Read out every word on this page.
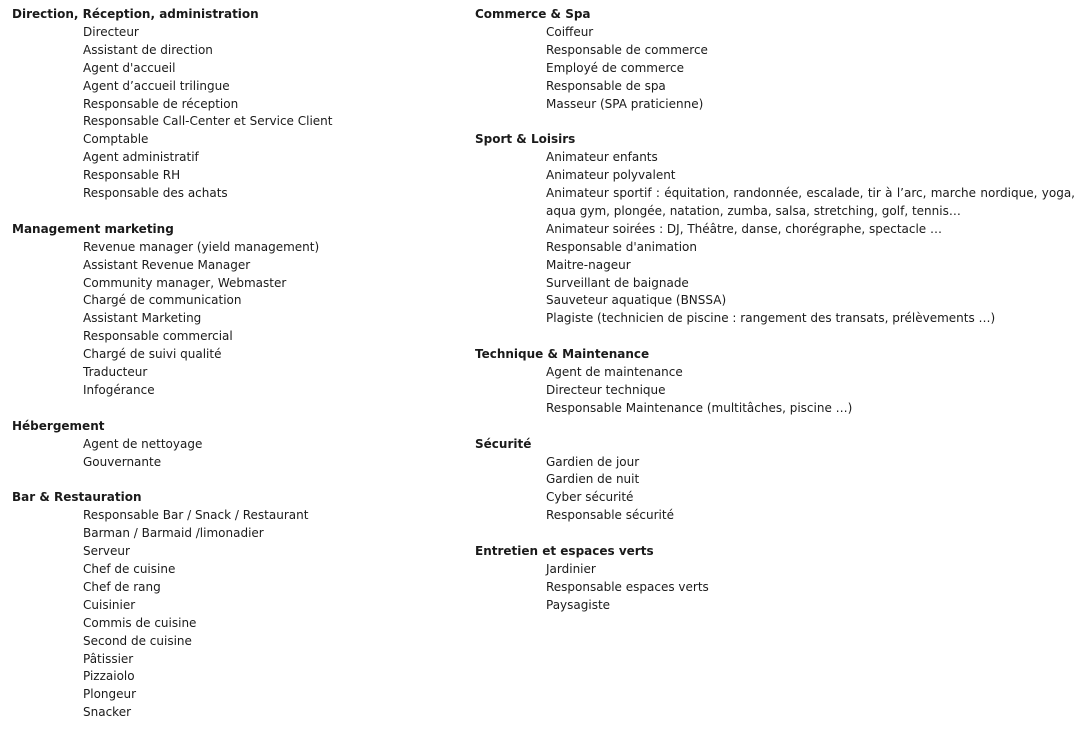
Direction, Réception, administration
Directeur
Assistant de direction
Agent d'accueil
Agent d’accueil trilingue
Responsable de réception
Responsable Call-Center et Service Client
Comptable
Agent administratif
Responsable RH
Responsable des achats
Management marketing
Revenue manager (yield management)
Assistant Revenue Manager
Community manager, Webmaster
Chargé de communication
Assistant Marketing
Responsable commercial
Chargé de suivi qualité
Traducteur
Infogérance
Hébergement
Agent de nettoyage
Gouvernante
Bar & Restauration
Responsable Bar / Snack / Restaurant
Barman / Barmaid /limonadier
Serveur
Chef de cuisine
Chef de rang
Cuisinier
Commis de cuisine
Second de cuisine
Pâtissier
Pizzaiolo
Plongeur
Snacker
Commerce & Spa
Coiffeur
Responsable de commerce
Employé de commerce
Responsable de spa
Masseur (SPA praticienne)
Sport & Loisirs
Animateur enfants
Animateur polyvalent
Animateur sportif : équitation, randonnée, escalade, tir à l’arc, marche nordique, yoga, aqua gym, plongée, natation, zumba, salsa, stretching, golf, tennis…
Animateur soirées : DJ, Théâtre, danse, chorégraphe, spectacle …
Responsable d'animation
Maitre-nageur
Surveillant de baignade
Sauveteur aquatique (BNSSA)
Plagiste (technicien de piscine : rangement des transats, prélèvements …)
Technique & Maintenance
Agent de maintenance
Directeur technique
Responsable Maintenance (multitâches, piscine …)
Sécurité
Gardien de jour
Gardien de nuit
Cyber sécurité
Responsable sécurité
Entretien et espaces verts
Jardinier
Responsable espaces verts
Paysagiste
